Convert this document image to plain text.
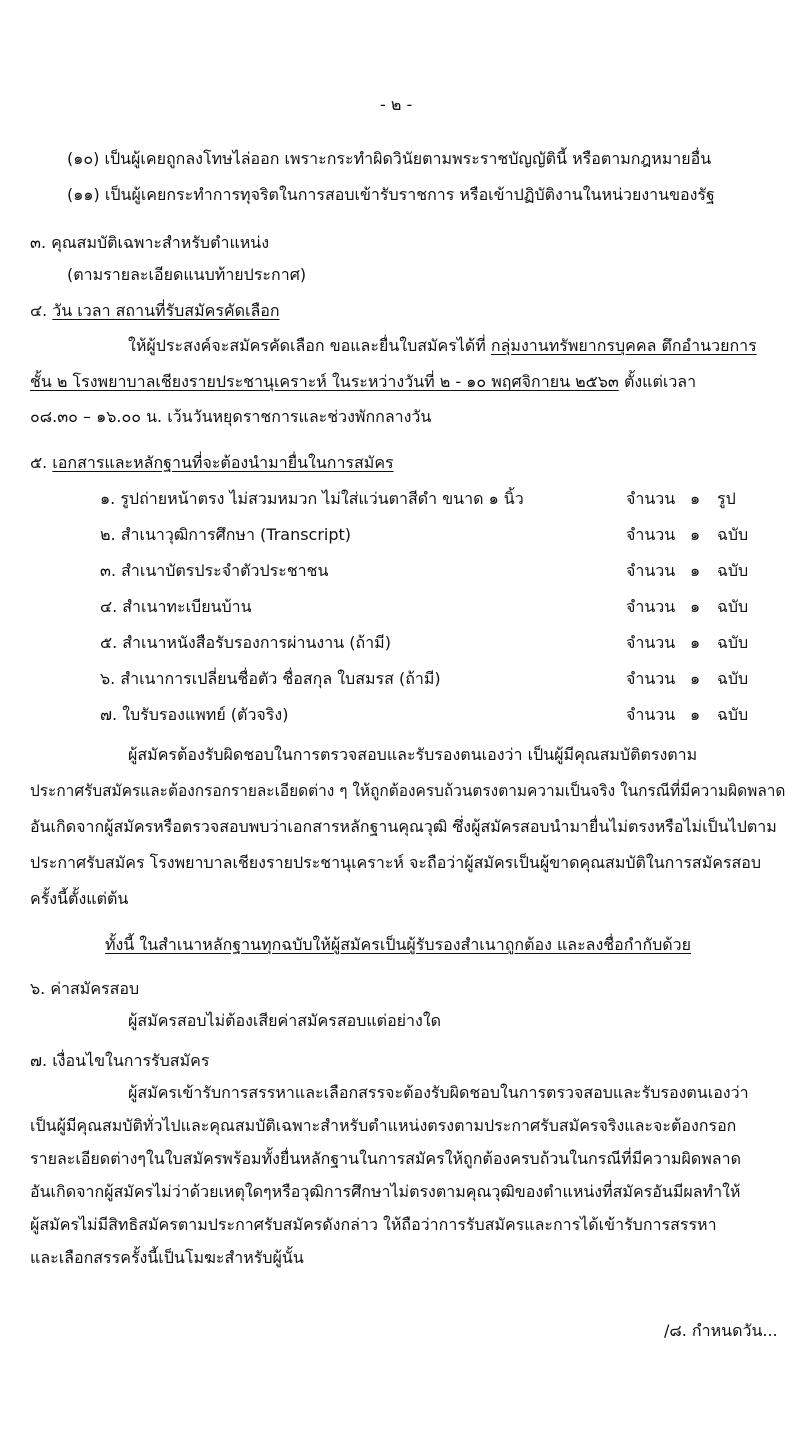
- ๒ -
(๑๐) เป็นผู้เคยถูกลงโทษไล่ออก เพราะกระทำผิดวินัยตามพระราชบัญญัตินี้ หรือตามกฎหมายอื่น
(๑๑) เป็นผู้เคยกระทำการทุจริตในการสอบเข้ารับราชการ หรือเข้าปฏิบัติงานในหน่วยงานของรัฐ
๓. คุณสมบัติเฉพาะสำหรับตำแหน่ง
(ตามรายละเอียดแนบท้ายประกาศ)
๔. วัน เวลา สถานที่รับสมัครคัดเลือก
ให้ผู้ประสงค์จะสมัครคัดเลือก ขอและยื่นใบสมัครได้ที่ กลุ่มงานทรัพยากรบุคคล ตึกอำนวยการ
ชั้น ๒ โรงพยาบาลเชียงรายประชานุเคราะห์ ในระหว่างวันที่ ๒ - ๑๐ พฤศจิกายน ๒๕๖๓ ตั้งแต่เวลา
๐๘.๓๐ – ๑๖.๐๐ น. เว้นวันหยุดราชการและช่วงพักกลางวัน
๕. เอกสารและหลักฐานที่จะต้องนำมายื่นในการสมัคร
๑. รูปถ่ายหน้าตรง ไม่สวมหมวก ไม่ใส่แว่นตาสีดำ ขนาด ๑ นิ้ว	จำนวน ๑ รูป
๒. สำเนาวุฒิการศึกษา (Transcript)	จำนวน ๑ ฉบับ
๓. สำเนาบัตรประจำตัวประชาชน	จำนวน ๑ ฉบับ
๔. สำเนาทะเบียนบ้าน	จำนวน ๑ ฉบับ
๕. สำเนาหนังสือรับรองการผ่านงาน (ถ้ามี)	จำนวน ๑ ฉบับ
๖. สำเนาการเปลี่ยนชื่อตัว ชื่อสกุล ใบสมรส (ถ้ามี)	จำนวน ๑ ฉบับ
๗. ใบรับรองแพทย์ (ตัวจริง)	จำนวน ๑ ฉบับ
ผู้สมัครต้องรับผิดชอบในการตรวจสอบและรับรองตนเองว่า เป็นผู้มีคุณสมบัติตรงตาม
ประกาศรับสมัครและต้องกรอกรายละเอียดต่าง ๆ ให้ถูกต้องครบถ้วนตรงตามความเป็นจริง ในกรณีที่มีความผิดพลาด
อันเกิดจากผู้สมัครหรือตรวจสอบพบว่าเอกสารหลักฐานคุณวุฒิ ซึ่งผู้สมัครสอบนำมายื่นไม่ตรงหรือไม่เป็นไปตาม
ประกาศรับสมัคร โรงพยาบาลเชียงรายประชานุเคราะห์ จะถือว่าผู้สมัครเป็นผู้ขาดคุณสมบัติในการสมัครสอบ
ครั้งนี้ตั้งแต่ต้น
ทั้งนี้ ในสำเนาหลักฐานทุกฉบับให้ผู้สมัครเป็นผู้รับรองสำเนาถูกต้อง และลงชื่อกำกับด้วย
๖. ค่าสมัครสอบ
ผู้สมัครสอบไม่ต้องเสียค่าสมัครสอบแต่อย่างใด
๗. เงื่อนไขในการรับสมัคร
ผู้สมัครเข้ารับการสรรหาและเลือกสรรจะต้องรับผิดชอบในการตรวจสอบและรับรองตนเองว่า
เป็นผู้มีคุณสมบัติทั่วไปและคุณสมบัติเฉพาะสำหรับตำแหน่งตรงตามประกาศรับสมัครจริงและจะต้องกรอก
รายละเอียดต่างๆในใบสมัครพร้อมทั้งยื่นหลักฐานในการสมัครให้ถูกต้องครบถ้วนในกรณีที่มีความผิดพลาด
อันเกิดจากผู้สมัครไม่ว่าด้วยเหตุใดๆหรือวุฒิการศึกษาไม่ตรงตามคุณวุฒิของตำแหน่งที่สมัครอันมีผลทำให้
ผู้สมัครไม่มีสิทธิสมัครตามประกาศรับสมัครดังกล่าว ให้ถือว่าการรับสมัครและการได้เข้ารับการสรรหา
และเลือกสรรครั้งนี้เป็นโมฆะสำหรับผู้นั้น
/๘. กำหนดวัน...
